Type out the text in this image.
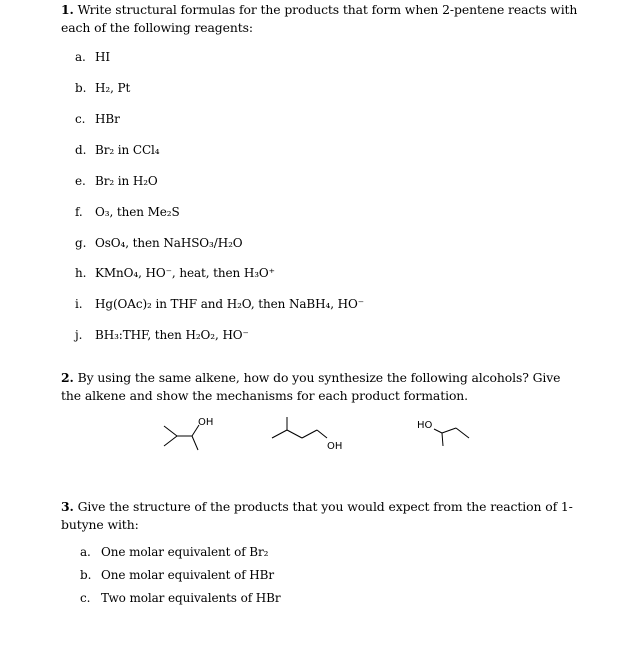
1. Write structural formulas for the products that form when 2-pentene reacts with each of the following reagents:
a. HI
b. H₂, Pt
c. HBr
d. Br₂ in CCl₄
e. Br₂ in H₂O
f. O₃, then Me₂S
g. OsO₄, then NaHSO₃/H₂O
h. KMnO₄, HO⁻, heat, then H₃O⁺
i. Hg(OAc)₂ in THF and H₂O, then NaBH₄, HO⁻
j. BH₃:THF, then H₂O₂, HO⁻
2. By using the same alkene, how do you synthesize the following alcohols? Give the alkene and show the mechanisms for each product formation.
OH
OH
HO
3. Give the structure of the products that you would expect from the reaction of 1-butyne with:
a. One molar equivalent of Br₂
b. One molar equivalent of HBr
c. Two molar equivalents of HBr
